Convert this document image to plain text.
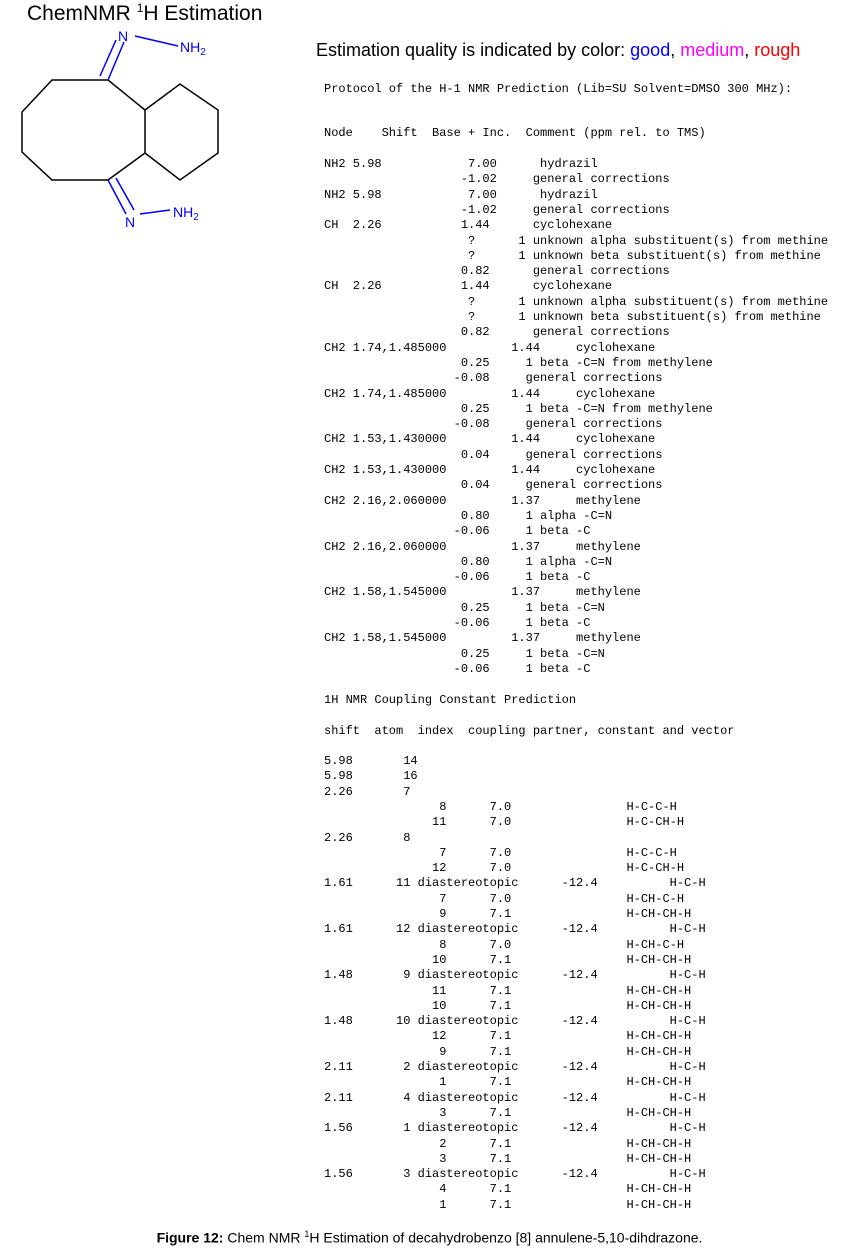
ChemNMR $^1$H Estimation
N
$NH_2$
N
$NH_2$
Estimation quality is indicated by color: good, medium, rough
Protocol of the H-1 NMR Prediction (Lib=SU Solvent=DMSO 300 MHz):
Node    Shift  Base + Inc.  Comment (ppm rel. to TMS)
NH2 5.98            7.00      hydrazil
-1.02     general corrections
NH2 5.98            7.00      hydrazil
-1.02     general corrections
CH  2.26           1.44      cyclohexane
?      1 unknown alpha substituent(s) from methine
?      1 unknown beta substituent(s) from methine
0.82      general corrections
CH  2.26           1.44      cyclohexane
?      1 unknown alpha substituent(s) from methine
?      1 unknown beta substituent(s) from methine
0.82      general corrections
CH2 1.74,1.485000         1.44     cyclohexane
0.25     1 beta -C=N from methylene
-0.08     general corrections
CH2 1.74,1.485000         1.44     cyclohexane
0.25     1 beta -C=N from methylene
-0.08     general corrections
CH2 1.53,1.430000         1.44     cyclohexane
0.04     general corrections
CH2 1.53,1.430000         1.44     cyclohexane
0.04     general corrections
CH2 2.16,2.060000         1.37     methylene
0.80     1 alpha -C=N
-0.06     1 beta -C
CH2 2.16,2.060000         1.37     methylene
0.80     1 alpha -C=N
-0.06     1 beta -C
CH2 1.58,1.545000         1.37     methylene
0.25     1 beta -C=N
-0.06     1 beta -C
CH2 1.58,1.545000         1.37     methylene
0.25     1 beta -C=N
-0.06     1 beta -C
1H NMR Coupling Constant Prediction
shift  atom  index  coupling partner, constant and vector
5.98       14
5.98       16
2.26       7
8      7.0                H-C-C-H
11      7.0                H-C-CH-H
2.26       8
7      7.0                H-C-C-H
12      7.0                H-C-CH-H
1.61      11 diastereotopic      -12.4          H-C-H
7      7.0                H-CH-C-H
9      7.1                H-CH-CH-H
1.61      12 diastereotopic      -12.4          H-C-H
8      7.0                H-CH-C-H
10      7.1                H-CH-CH-H
1.48       9 diastereotopic      -12.4          H-C-H
11      7.1                H-CH-CH-H
10      7.1                H-CH-CH-H
1.48      10 diastereotopic      -12.4          H-C-H
12      7.1                H-CH-CH-H
9      7.1                H-CH-CH-H
2.11       2 diastereotopic      -12.4          H-C-H
1      7.1                H-CH-CH-H
2.11       4 diastereotopic      -12.4          H-C-H
3      7.1                H-CH-CH-H
1.56       1 diastereotopic      -12.4          H-C-H
2      7.1                H-CH-CH-H
3      7.1                H-CH-CH-H
1.56       3 diastereotopic      -12.4          H-C-H
4      7.1                H-CH-CH-H
1      7.1                H-CH-CH-H
Figure 12: Chem NMR $^1$H Estimation of decahydrobenzo [8] annulene-5,10-dihdrazone.
